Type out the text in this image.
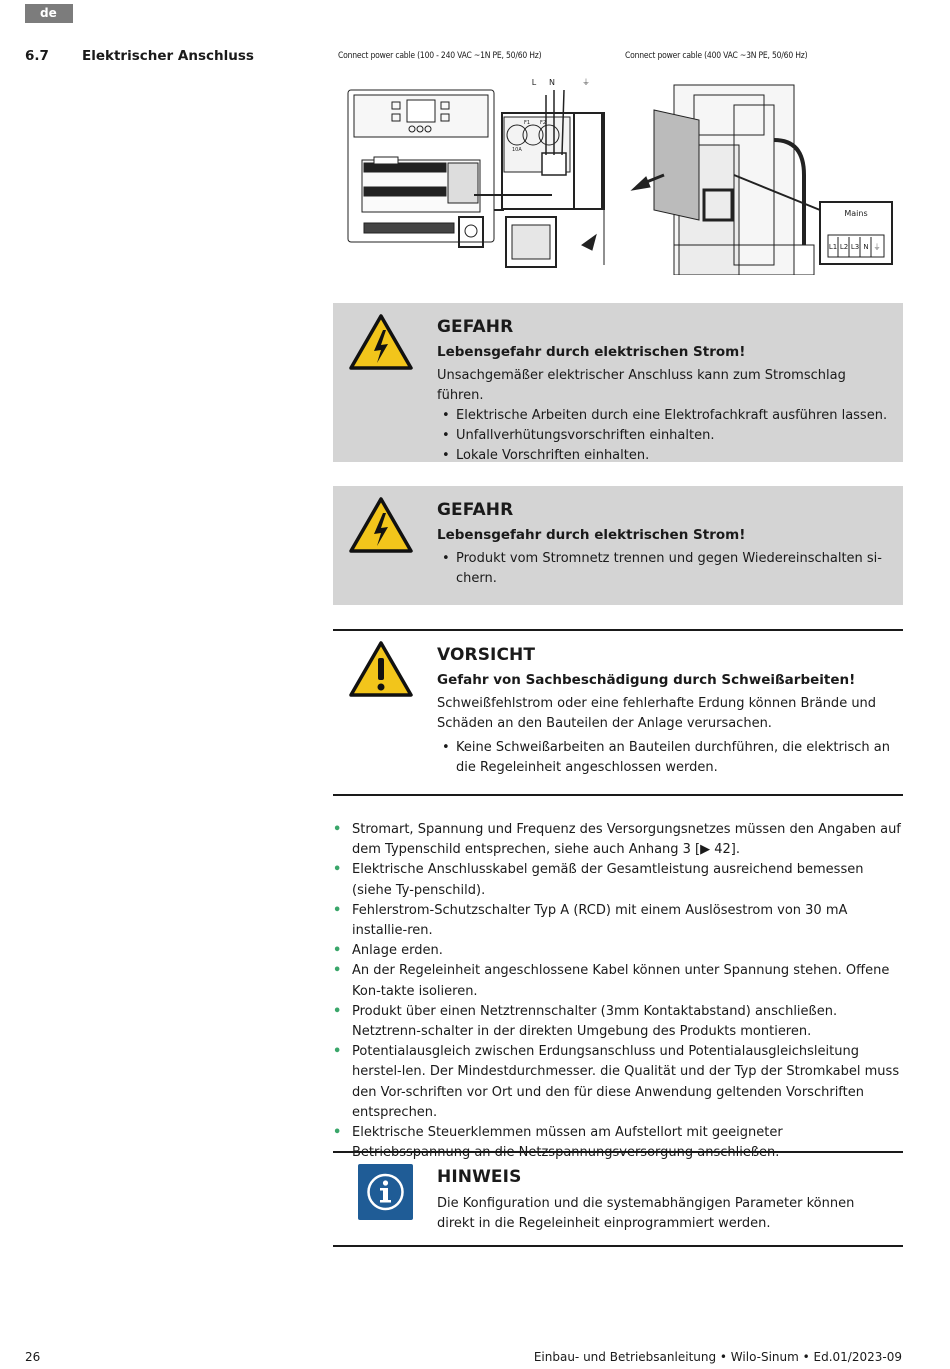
de
6.7 Elektrischer Anschluss	Connect power cable (100 - 240 VAC ~1N PE, 50/60 Hz)	Connect power cable (400 VAC ~3N PE, 50/60 Hz)
N
L	⏚
10A
F1 F2
Mains
L1 L2 L3 N ⏚
GEFAHR
Lebensgefahr durch elektrischen Strom!

Unsachgemäßer elektrischer Anschluss kann zum Stromschlag führen.

• Elektrische Arbeiten durch eine Elektrofachkraft ausführen lassen.
• Unfallverhütungsvorschriften einhalten.
• Lokale Vorschriften einhalten.
GEFAHR
Lebensgefahr durch elektrischen Strom!
• Produkt vom Stromnetz trennen und gegen Wiedereinschalten si-chern.
VORSICHT
Gefahr von Sachbeschädigung durch Schweißarbeiten!

Schweißfehlstrom oder eine fehlerhafte Erdung können Brände und Schäden an den Bauteilen der Anlage verursachen.

• Keine Schweißarbeiten an Bauteilen durchführen, die elektrisch an die Regeleinheit angeschlossen werden.
• Stromart, Spannung und Frequenz des Versorgungsnetzes müssen den Angaben auf dem Typenschild entsprechen, siehe auch Anhang 3 [▶ 42].
• Elektrische Anschlusskabel gemäß der Gesamtleistung ausreichend bemessen (siehe Ty-penschild).
• Fehlerstrom-Schutzschalter Typ A (RCD) mit einem Auslösestrom von 30 mA installie-ren.
• Anlage erden.
• An der Regeleinheit angeschlossene Kabel können unter Spannung stehen. Offene Kon-takte isolieren.
• Produkt über einen Netztrennschalter (3mm Kontaktabstand) anschließen. Netztrenn-schalter in der direkten Umgebung des Produkts montieren.
• Potentialausgleich zwischen Erdungsanschluss und Potentialausgleichsleitung herstel-len. Der Mindestdurchmesser. die Qualität und der Typ der Stromkabel muss den Vor-schriften vor Ort und den für diese Anwendung geltenden Vorschriften entsprechen.
• Elektrische Steuerklemmen müssen am Aufstellort mit geeigneter Betriebsspannung an die Netzspannungsversorgung anschließen.
HINWEIS

Die Konfiguration und die systemabhängigen Parameter können direkt in die Regeleinheit einprogrammiert werden.

26	Einbau- und Betriebsanleitung • Wilo-Sinum • Ed.01/2023-09
